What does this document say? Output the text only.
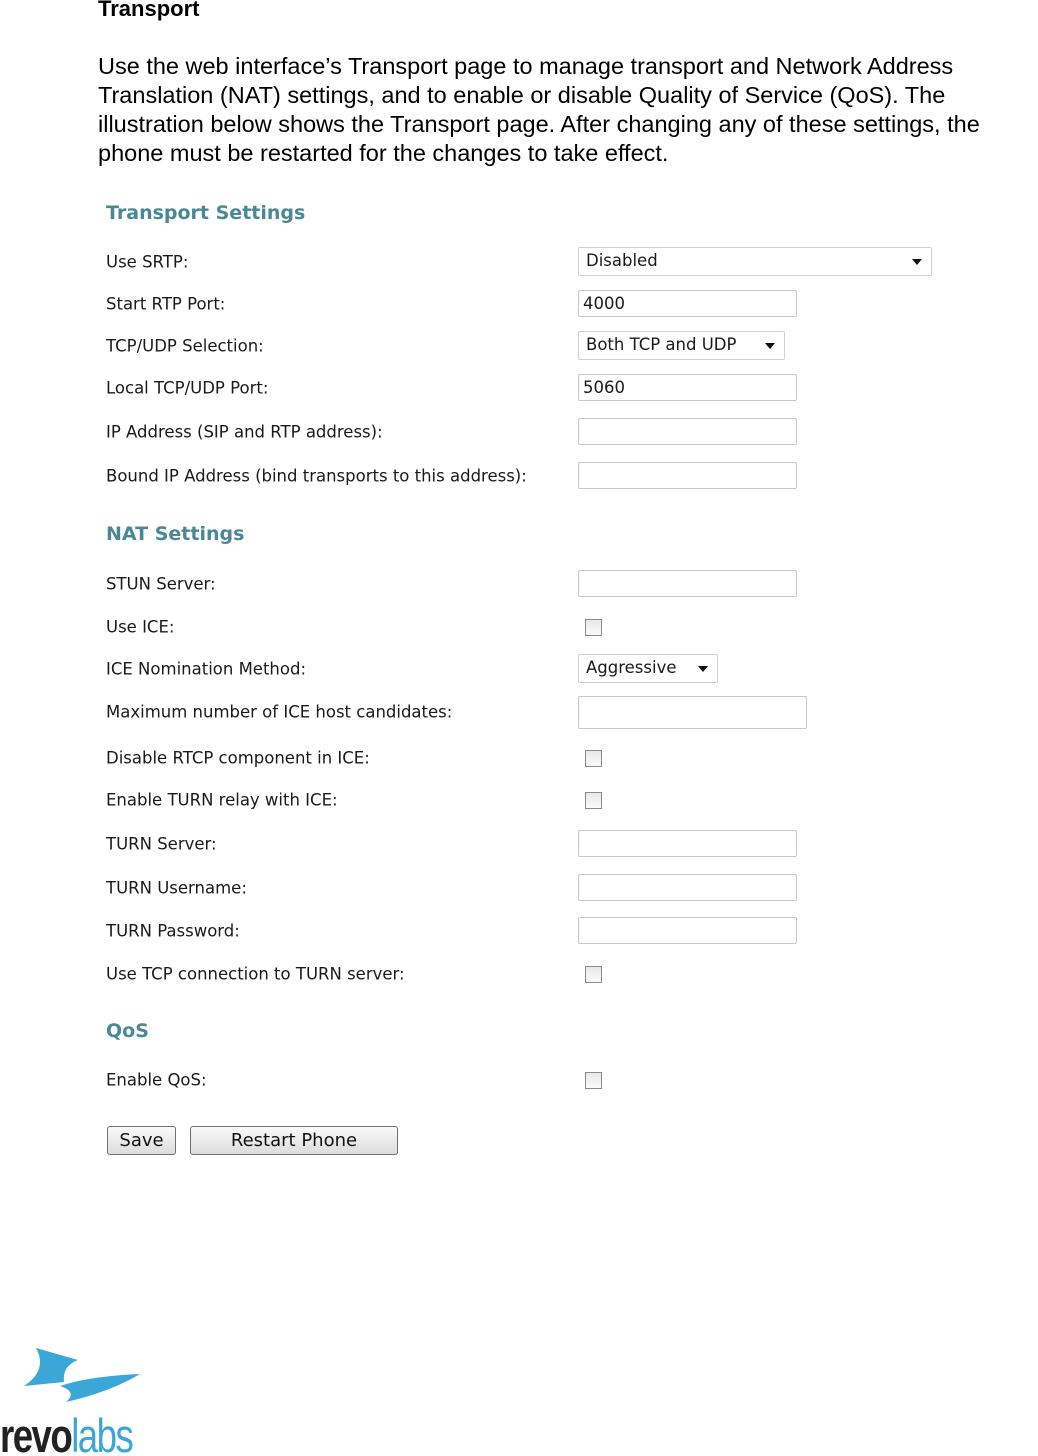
Transport
Use the web interface’s Transport page to manage transport and Network Address Translation (NAT) settings, and to enable or disable Quality of Service (QoS). The illustration below shows the Transport page. After changing any of these settings, the phone must be restarted for the changes to take effect.
Transport Settings
Use SRTP:	Disabled
Start RTP Port:	4000
TCP/UDP Selection:	Both TCP and UDP
Local TCP/UDP Port:	5060
IP Address (SIP and RTP address):
Bound IP Address (bind transports to this address):
NAT Settings
STUN Server:
Use ICE:
ICE Nomination Method:	Aggressive
Maximum number of ICE host candidates:
Disable RTCP component in ICE:
Enable TURN relay with ICE:
TURN Server:
TURN Username:
TURN Password:
Use TCP connection to TURN server:
QoS
Enable QoS:
Save	Restart Phone
revolabs
